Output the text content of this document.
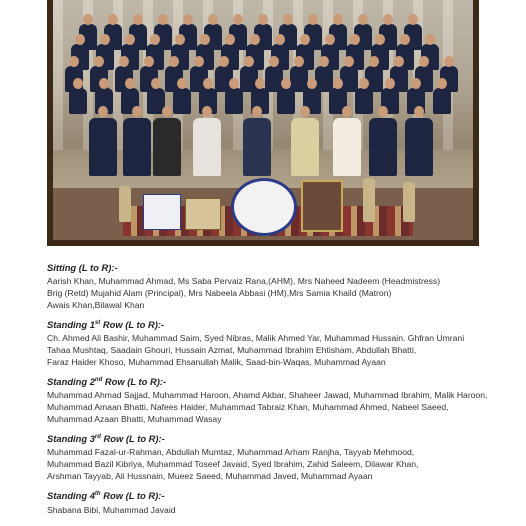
Sitting (L to R):-
Aarish Khan, Muhammad Ahmad, Ms Saba Pervaiz Rana,(AHM), Mrs Naheed Nadeem (Headmistress)
Brig (Retd) Mujahid Alam (Principal), Mrs Nabeela Abbasi (HM),Mrs Samia Khaild (Matron)
Awais Khan,Bilawal Khan
Standing 1st Row (L to R):-
Ch. Ahmed Ali Bashir, Muhammad Saim, Syed Nibras, Malik Ahmed Yar, Muhammad Hussain. Ghfran Umrani
Tahaa Mushtaq, Saadain Ghouri, Hussain Azmat, Muhammad Ibrahim Ehtisham, Abdullah Bhatti,
Faraz Haider Khoso, Muhammad Ehsanullah Malik, Saad-bin-Waqas, Muhammad Ayaan
Standing 2nd Row (L to R):-
Muhammad Ahmad Sajjad, Muhammad Haroon, Ahamd Akbar, Shaheer Jawad, Muhammad Ibrahim, Malik Haroon,
Muhammad Amaan Bhatti, Nafees Haider, Muhammad Tabraiz Khan, Muhammad Ahmed, Nabeel Saeed,
Muhammad Azaan Bhatti, Muhammad Wasay
Standing 3rd Row (L to R):-
Muhammad Fazal-ur-Rahman, Abdullah Mumtaz, Muhammad Arham Ranjha, Tayyab Mehmood,
Muhammad Bazil Kibriya, Muhammad Toseef Javaid, Syed Ibrahim, Zahid Saleem, Dilawar Khan,
Arshman Tayyab, Ali Hussnain, Mueez Saeed, Muhammad Javed, Muhammad Ayaan
Standing 4th Row (L to R):-
Shabana Bibi, Muhammad Javaid
